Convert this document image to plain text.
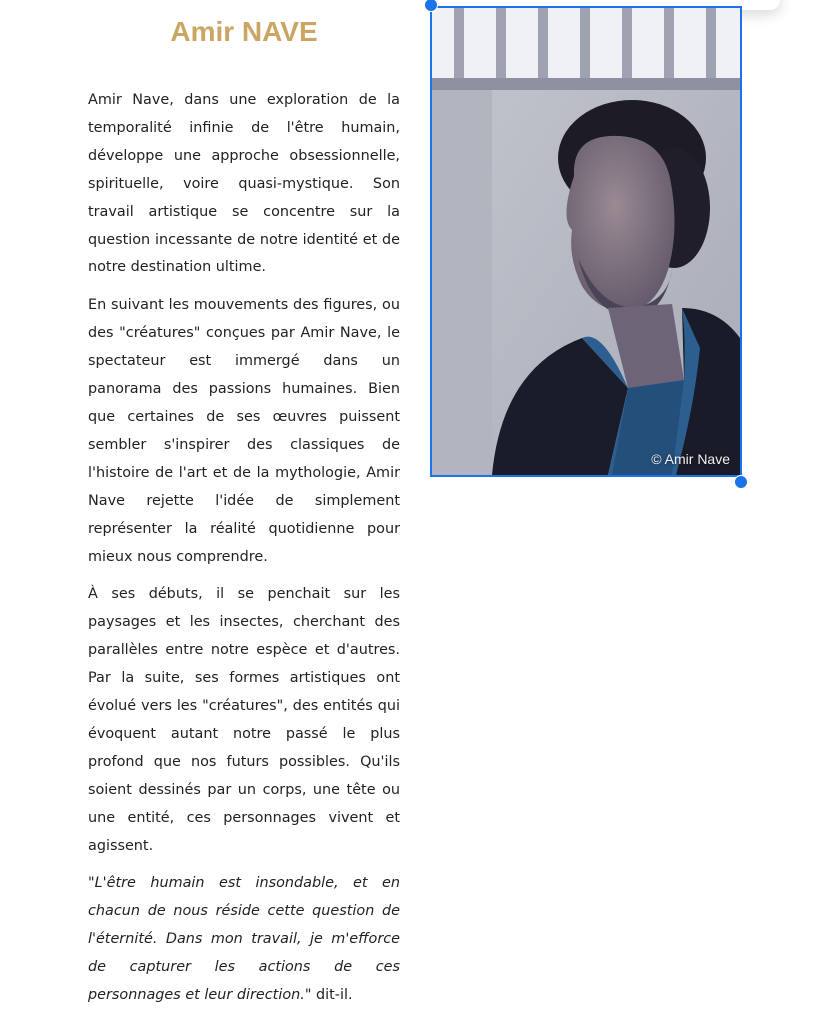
Amir NAVE

Amir Nave, dans une exploration de la temporalité infinie de l'être humain, développe une approche obsessionnelle, spirituelle, voire quasi-mystique. Son travail artistique se concentre sur la question incessante de notre identité et de notre destination ultime.

En suivant les mouvements des figures, ou des "créatures" conçues par Amir Nave, le spectateur est immergé dans un panorama des passions humaines. Bien que certaines de ses œuvres puissent sembler s'inspirer des classiques de l'histoire de l'art et de la mythologie, Amir Nave rejette l'idée de simplement représenter la réalité quotidienne pour mieux nous comprendre.

À ses débuts, il se penchait sur les paysages et les insectes, cherchant des parallèles entre notre espèce et d'autres. Par la suite, ses formes artistiques ont évolué vers les "créatures", des entités qui évoquent autant notre passé le plus profond que nos futurs possibles. Qu'ils soient dessinés par un corps, une tête ou une entité, ces personnages vivent et agissent.

"L'être humain est insondable, et en chacun de nous réside cette question de l'éternité. Dans mon travail, je m'efforce de capturer les actions de ces personnages et leur direction." dit-il.

© Amir Nave
